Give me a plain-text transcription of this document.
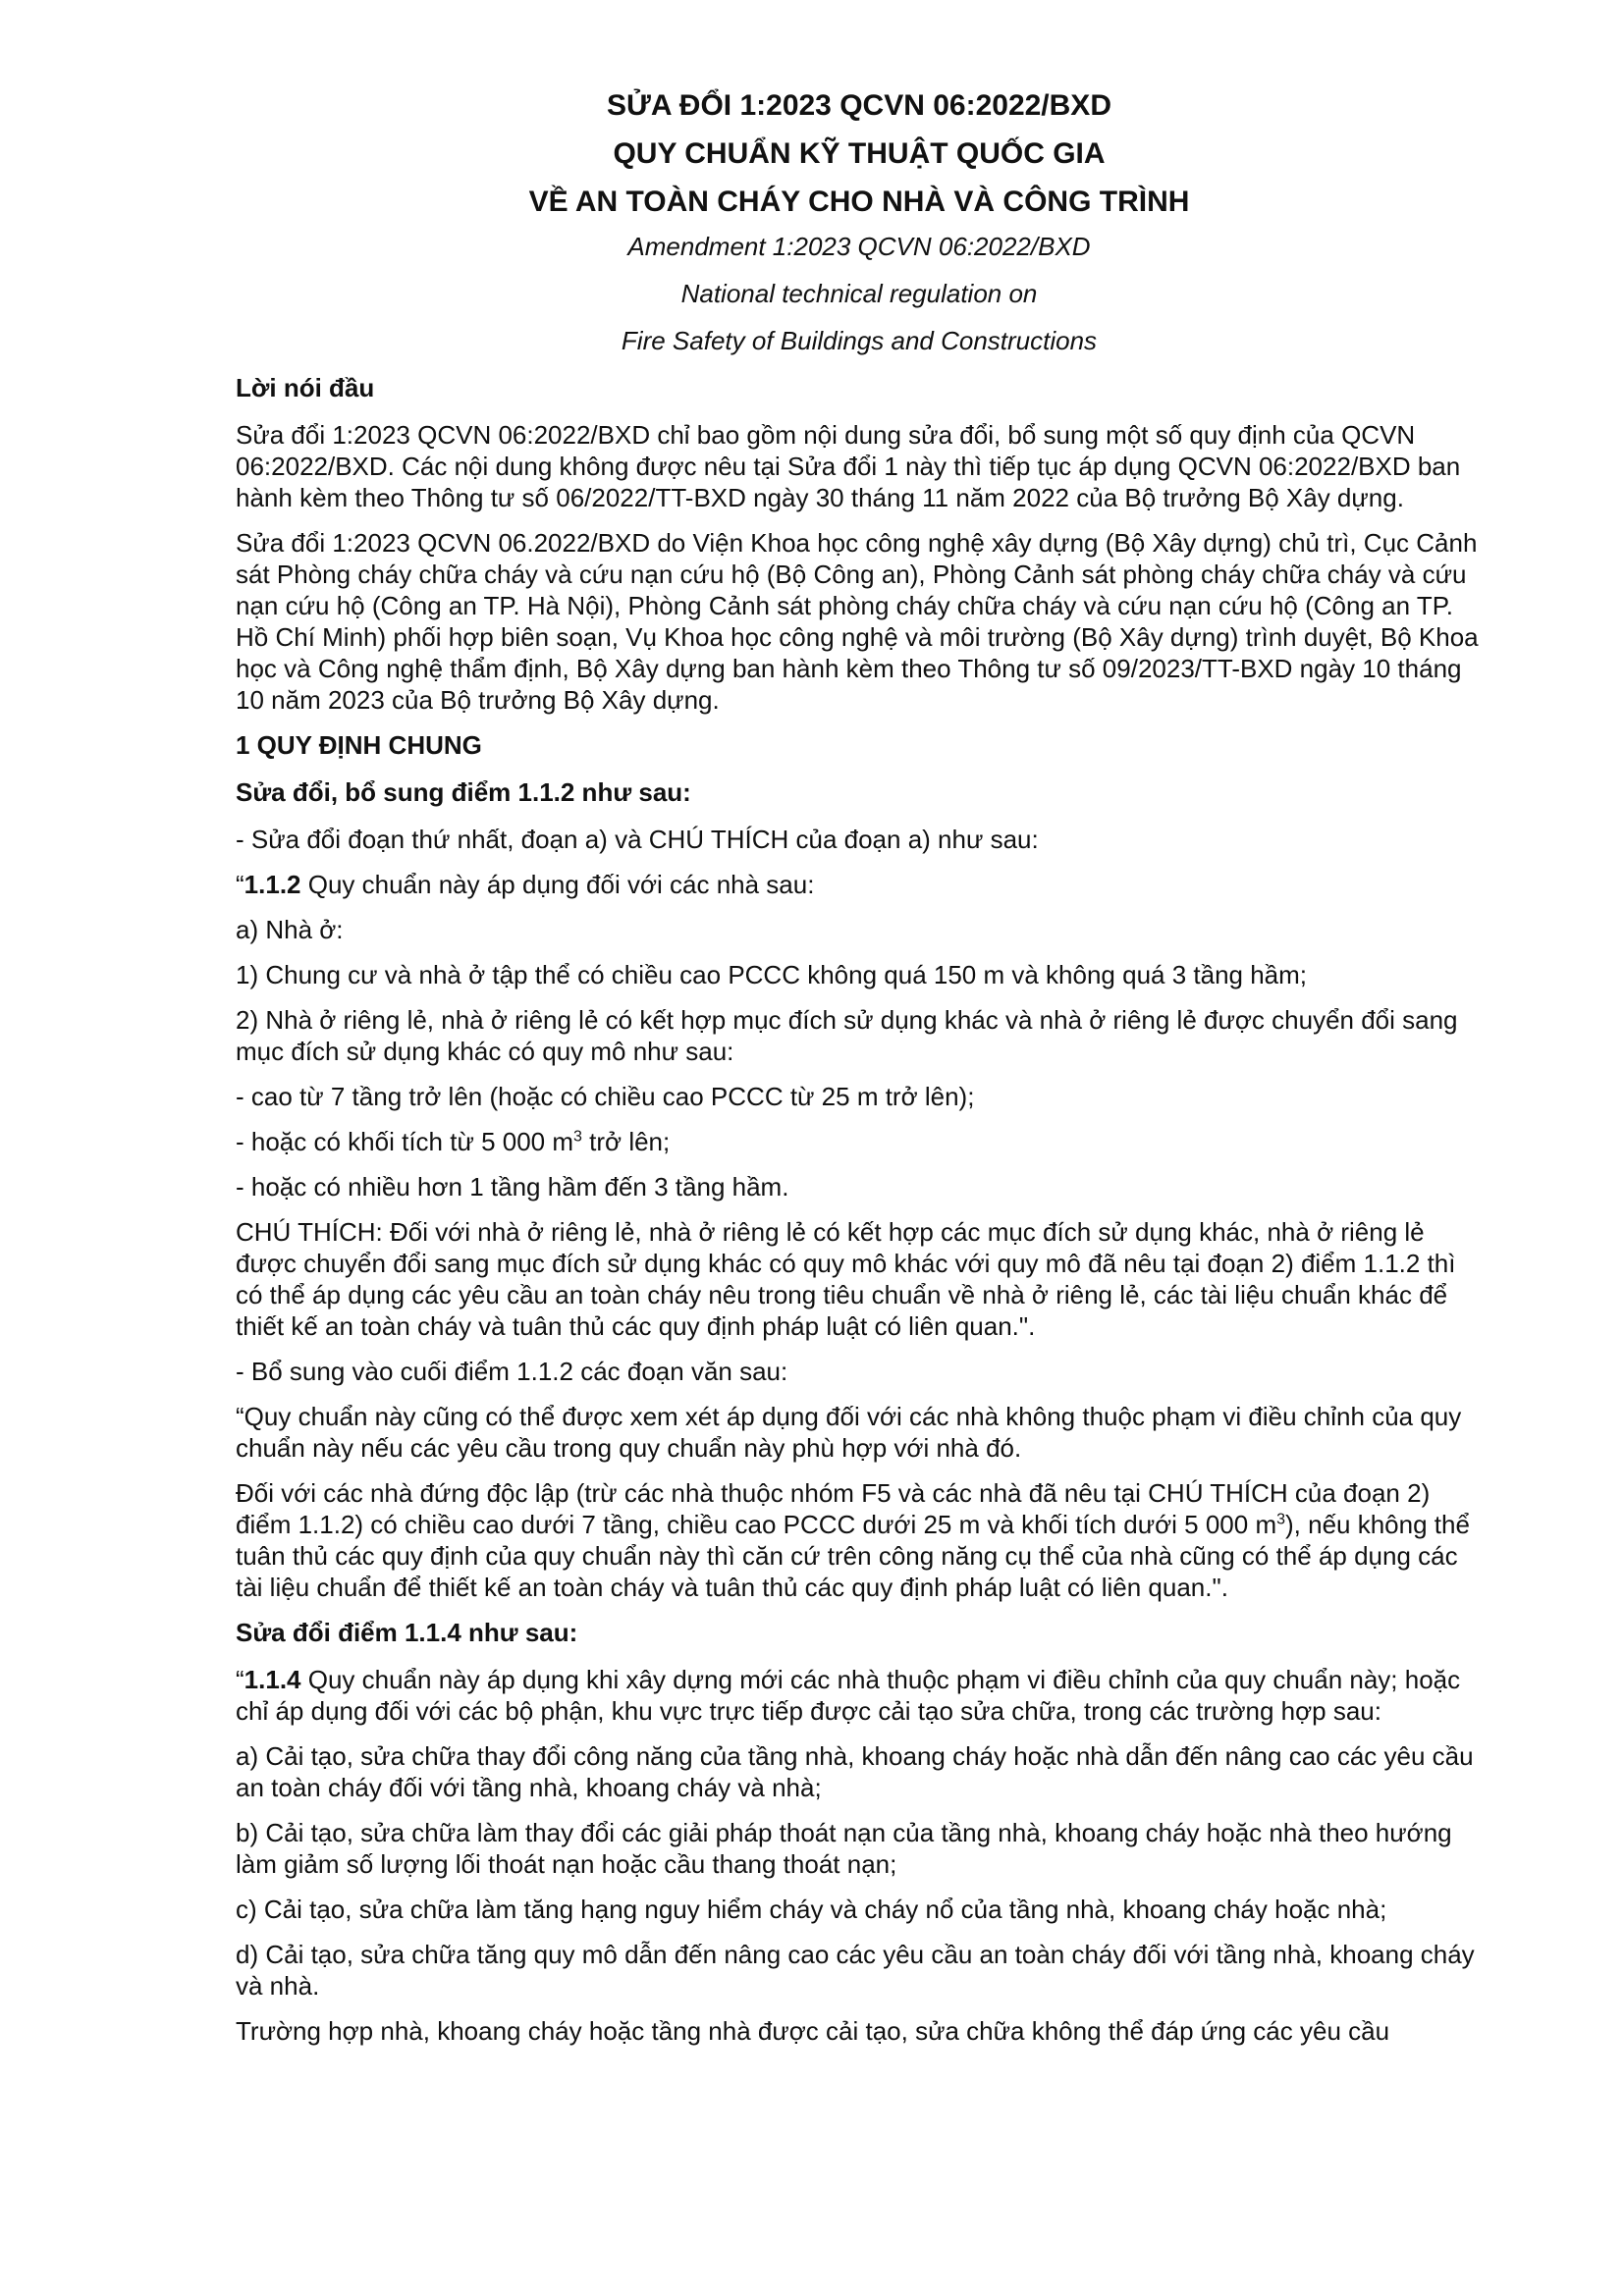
SỬA ĐỔI 1:2023 QCVN 06:2022/BXD
QUY CHUẨN KỸ THUẬT QUỐC GIA
VỀ AN TOÀN CHÁY CHO NHÀ VÀ CÔNG TRÌNH
Amendment 1:2023 QCVN 06:2022/BXD
National technical regulation on
Fire Safety of Buildings and Constructions
Lời nói đầu

Sửa đổi 1:2023 QCVN 06:2022/BXD chỉ bao gồm nội dung sửa đổi, bổ sung một số quy định của QCVN 06:2022/BXD. Các nội dung không được nêu tại Sửa đổi 1 này thì tiếp tục áp dụng QCVN 06:2022/BXD ban hành kèm theo Thông tư số 06/2022/TT-BXD ngày 30 tháng 11 năm 2022 của Bộ trưởng Bộ Xây dựng.

Sửa đổi 1:2023 QCVN 06.2022/BXD do Viện Khoa học công nghệ xây dựng (Bộ Xây dựng) chủ trì, Cục Cảnh sát Phòng cháy chữa cháy và cứu nạn cứu hộ (Bộ Công an), Phòng Cảnh sát phòng cháy chữa cháy và cứu nạn cứu hộ (Công an TP. Hà Nội), Phòng Cảnh sát phòng cháy chữa cháy và cứu nạn cứu hộ (Công an TP. Hồ Chí Minh) phối hợp biên soạn, Vụ Khoa học công nghệ và môi trường (Bộ Xây dựng) trình duyệt, Bộ Khoa học và Công nghệ thẩm định, Bộ Xây dựng ban hành kèm theo Thông tư số 09/2023/TT-BXD ngày 10 tháng 10 năm 2023 của Bộ trưởng Bộ Xây dựng.

1 QUY ĐỊNH CHUNG
Sửa đổi, bổ sung điểm 1.1.2 như sau:

- Sửa đổi đoạn thứ nhất, đoạn a) và CHÚ THÍCH của đoạn a) như sau:

“1.1.2 Quy chuẩn này áp dụng đối với các nhà sau:

a) Nhà ở:

1) Chung cư và nhà ở tập thể có chiều cao PCCC không quá 150 m và không quá 3 tầng hầm;

2) Nhà ở riêng lẻ, nhà ở riêng lẻ có kết hợp mục đích sử dụng khác và nhà ở riêng lẻ được chuyển đổi sang mục đích sử dụng khác có quy mô như sau:

- cao từ 7 tầng trở lên (hoặc có chiều cao PCCC từ 25 m trở lên);

- hoặc có khối tích từ 5 000 $m^3$ trở lên;

- hoặc có nhiều hơn 1 tầng hầm đến 3 tầng hầm.

CHÚ THÍCH: Đối với nhà ở riêng lẻ, nhà ở riêng lẻ có kết hợp các mục đích sử dụng khác, nhà ở riêng lẻ được chuyển đổi sang mục đích sử dụng khác có quy mô khác với quy mô đã nêu tại đoạn 2) điểm 1.1.2 thì có thể áp dụng các yêu cầu an toàn cháy nêu trong tiêu chuẩn về nhà ở riêng lẻ, các tài liệu chuẩn khác để thiết kế an toàn cháy và tuân thủ các quy định pháp luật có liên quan.".

- Bổ sung vào cuối điểm 1.1.2 các đoạn văn sau:

“Quy chuẩn này cũng có thể được xem xét áp dụng đối với các nhà không thuộc phạm vi điều chỉnh của quy chuẩn này nếu các yêu cầu trong quy chuẩn này phù hợp với nhà đó.

Đối với các nhà đứng độc lập (trừ các nhà thuộc nhóm F5 và các nhà đã nêu tại CHÚ THÍCH của đoạn 2) điểm 1.1.2) có chiều cao dưới 7 tầng, chiều cao PCCC dưới 25 m và khối tích dưới 5 000 $m^3$), nếu không thể tuân thủ các quy định của quy chuẩn này thì căn cứ trên công năng cụ thể của nhà cũng có thể áp dụng các tài liệu chuẩn để thiết kế an toàn cháy và tuân thủ các quy định pháp luật có liên quan.".

Sửa đổi điểm 1.1.4 như sau:

“1.1.4 Quy chuẩn này áp dụng khi xây dựng mới các nhà thuộc phạm vi điều chỉnh của quy chuẩn này; hoặc chỉ áp dụng đối với các bộ phận, khu vực trực tiếp được cải tạo sửa chữa, trong các trường hợp sau:

a) Cải tạo, sửa chữa thay đổi công năng của tầng nhà, khoang cháy hoặc nhà dẫn đến nâng cao các yêu cầu an toàn cháy đối với tầng nhà, khoang cháy và nhà;

b) Cải tạo, sửa chữa làm thay đổi các giải pháp thoát nạn của tầng nhà, khoang cháy hoặc nhà theo hướng làm giảm số lượng lối thoát nạn hoặc cầu thang thoát nạn;

c) Cải tạo, sửa chữa làm tăng hạng nguy hiểm cháy và cháy nổ của tầng nhà, khoang cháy hoặc nhà;

d) Cải tạo, sửa chữa tăng quy mô dẫn đến nâng cao các yêu cầu an toàn cháy đối với tầng nhà, khoang cháy và nhà.

Trường hợp nhà, khoang cháy hoặc tầng nhà được cải tạo, sửa chữa không thể đáp ứng các yêu cầu
